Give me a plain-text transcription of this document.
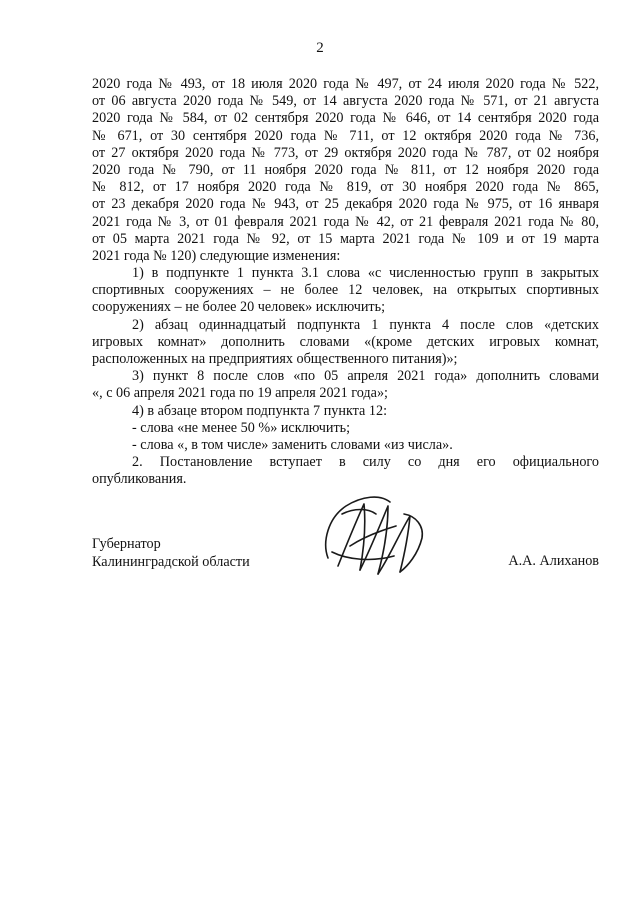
2
2020 года № 493, от 18 июля 2020 года № 497, от 24 июля 2020 года № 522,
от 06 августа 2020 года № 549, от 14 августа 2020 года № 571, от 21 августа
2020 года № 584, от 02 сентября 2020 года № 646, от 14 сентября 2020 года
№ 671, от 30 сентября 2020 года № 711, от 12 октября 2020 года № 736,
от 27 октября 2020 года № 773, от 29 октября 2020 года № 787, от 02 ноября
2020 года № 790, от 11 ноября 2020 года № 811, от 12 ноября 2020 года
№ 812, от 17 ноября 2020 года № 819, от 30 ноября 2020 года № 865,
от 23 декабря 2020 года № 943, от 25 декабря 2020 года № 975, от 16 января
2021 года № 3, от 01 февраля 2021 года № 42, от 21 февраля 2021 года № 80,
от 05 марта 2021 года № 92, от 15 марта 2021 года № 109 и от 19 марта
2021 года № 120) следующие изменения:
1) в подпункте 1 пункта 3.1 слова «с численностью групп в закрытых
спортивных сооружениях – не более 12 человек, на открытых спортивных
сооружениях – не более 20 человек» исключить;
2) абзац одиннадцатый подпункта 1 пункта 4 после слов «детских
игровых комнат» дополнить словами «(кроме детских игровых комнат,
расположенных на предприятиях общественного питания)»;
3) пункт 8 после слов «по 05 апреля 2021 года» дополнить словами
«, с 06 апреля 2021 года по 19 апреля 2021 года»;
4) в абзаце втором подпункта 7 пункта 12:
- слова «не менее 50 %» исключить;
- слова «, в том числе» заменить словами «из числа».
2. Постановление вступает в силу со дня его официального
опубликования.
Губернатор
Калининградской области	А.А. Алиханов
